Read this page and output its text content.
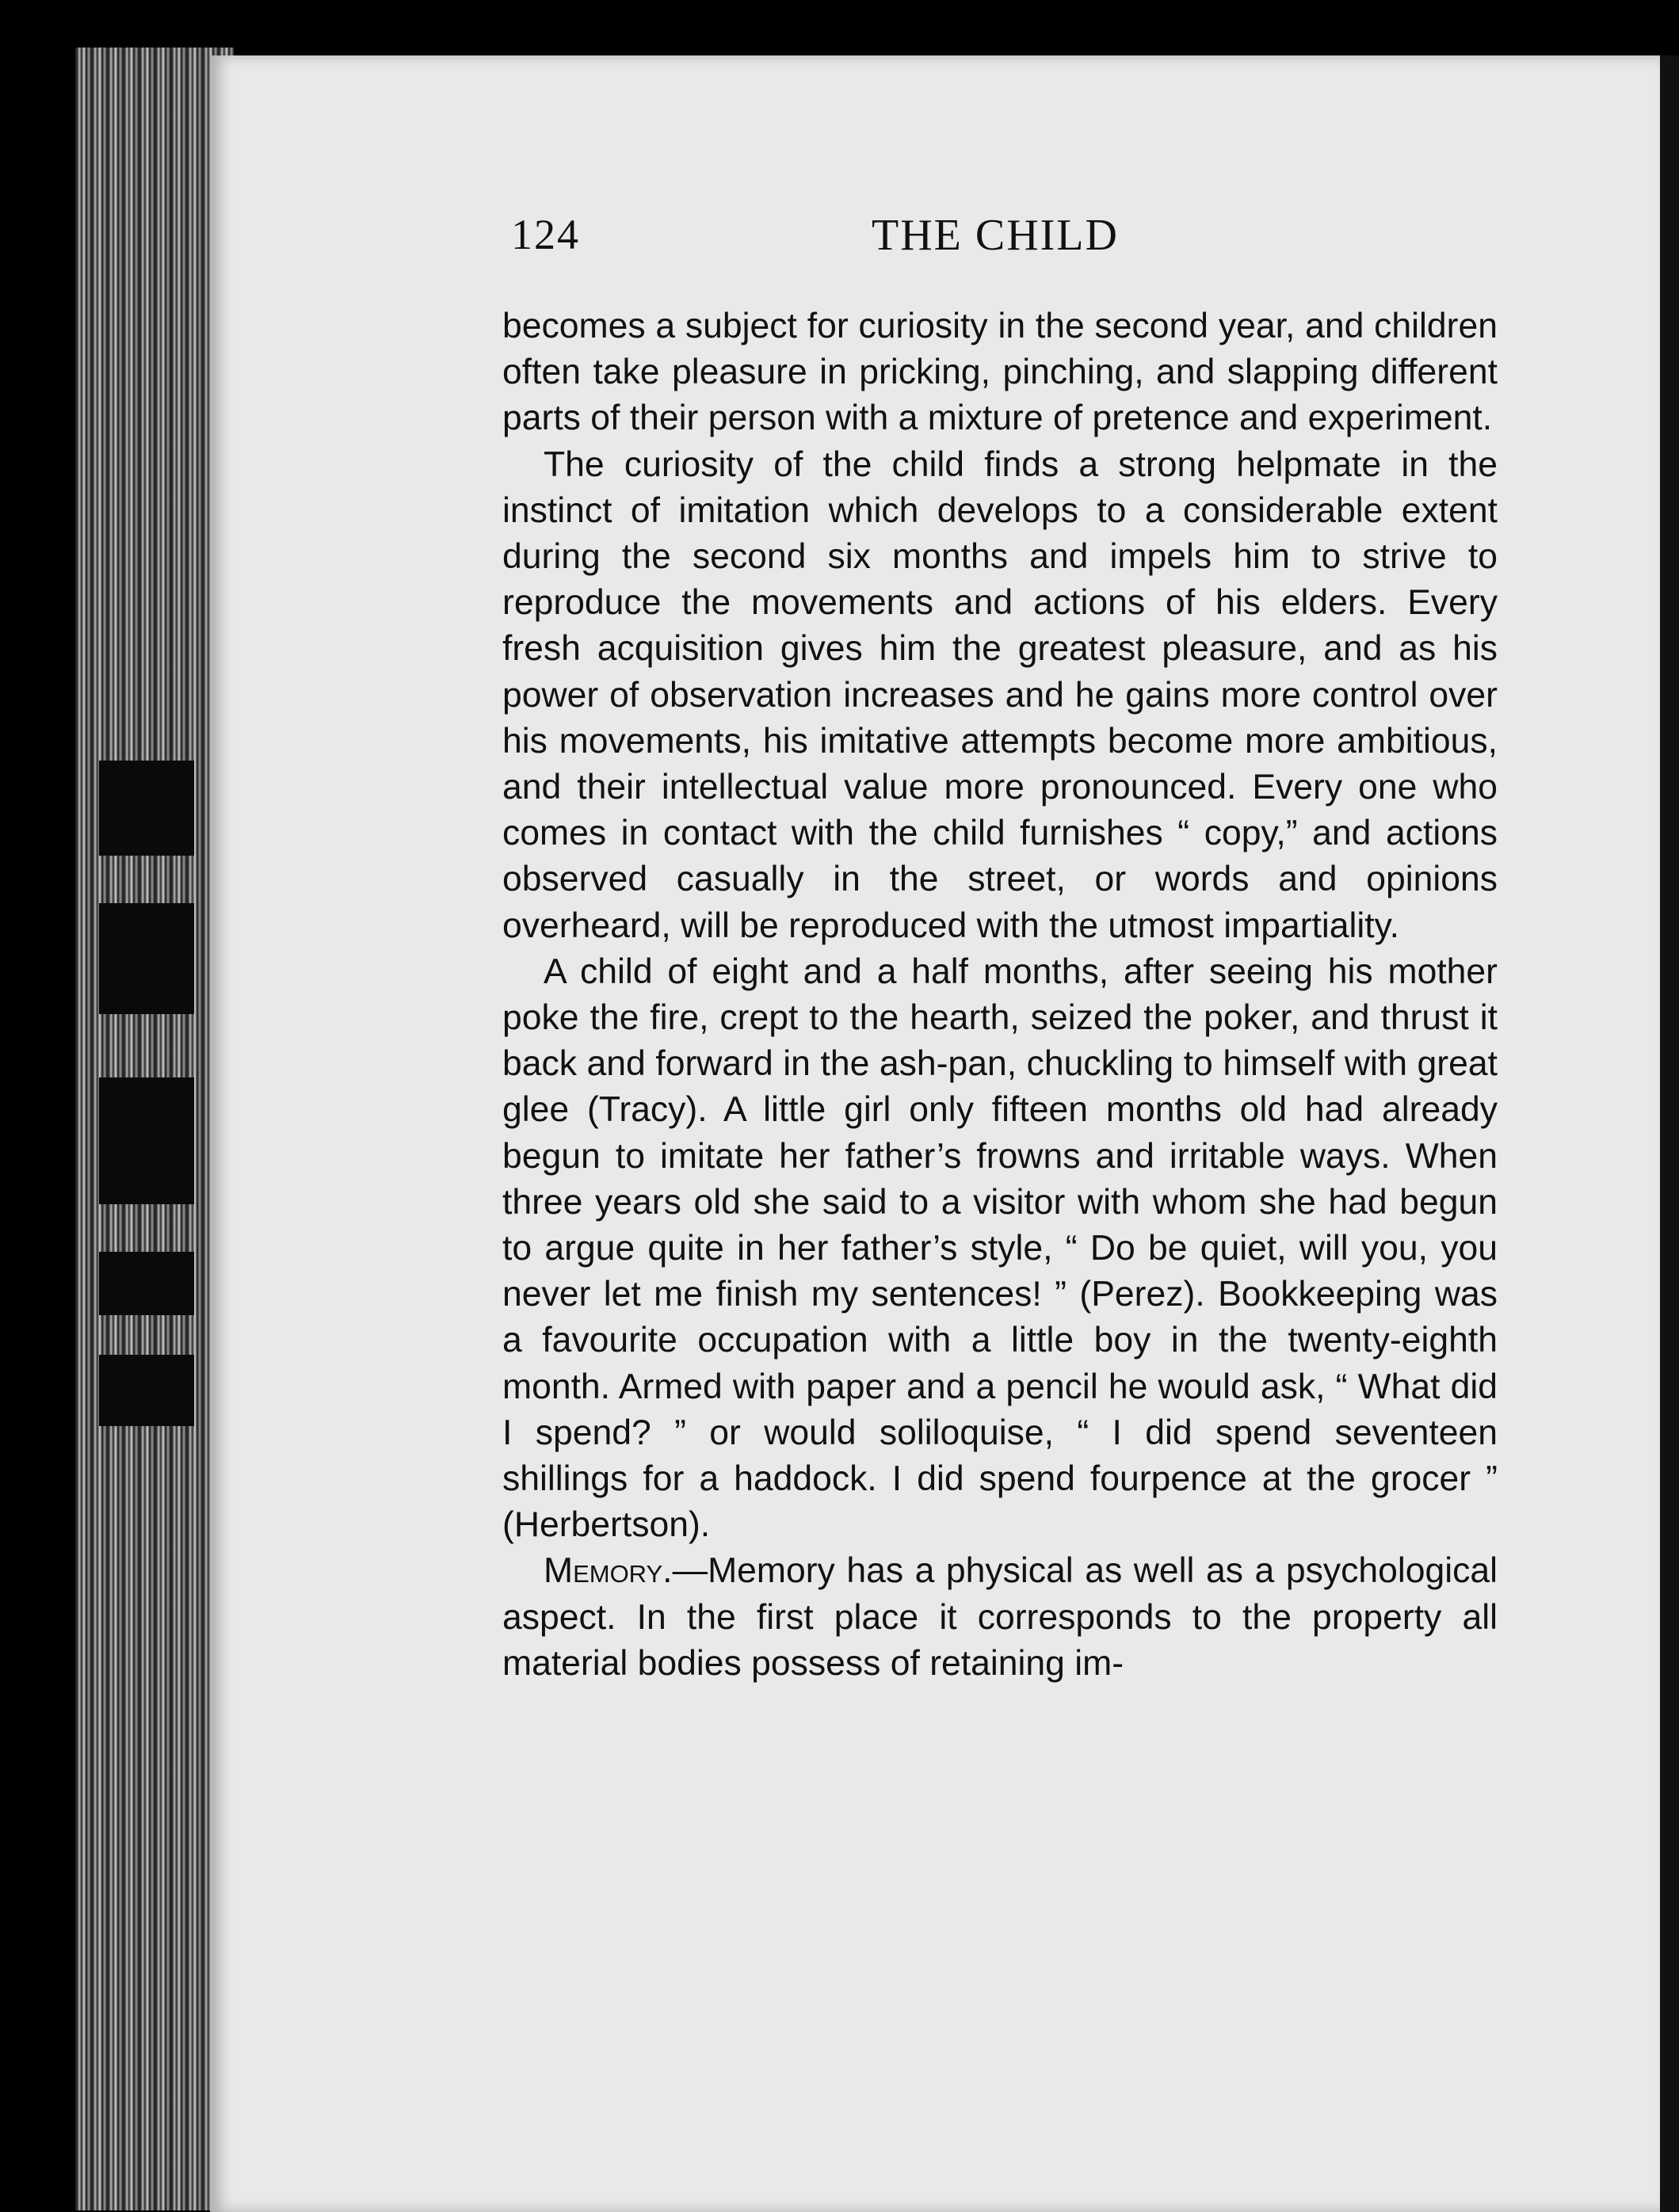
124	THE CHILD

becomes a subject for curiosity in the second year, and children often take pleasure in pricking, pinching, and slapping different parts of their person with a mixture of pretence and experiment.

The curiosity of the child finds a strong helpmate in the instinct of imitation which develops to a considerable extent during the second six months and impels him to strive to reproduce the movements and actions of his elders. Every fresh acquisition gives him the greatest pleasure, and as his power of observation increases and he gains more control over his movements, his imitative attempts become more ambitious, and their intellectual value more pronounced. Every one who comes in contact with the child furnishes “ copy,” and actions observed casually in the street, or words and opinions overheard, will be reproduced with the utmost impartiality.

A child of eight and a half months, after seeing his mother poke the fire, crept to the hearth, seized the poker, and thrust it back and forward in the ash-pan, chuckling to himself with great glee (Tracy). A little girl only fifteen months old had already begun to imitate her father’s frowns and irritable ways. When three years old she said to a visitor with whom she had begun to argue quite in her father’s style, “ Do be quiet, will you, you never let me finish my sentences! ” (Perez). Bookkeeping was a favourite occupation with a little boy in the twenty-eighth month. Armed with paper and a pencil he would ask, “ What did I spend? ” or would soliloquise, “ I did spend seventeen shillings for a haddock. I did spend fourpence at the grocer ” (Herbertson).

Memory.—Memory has a physical as well as a psychological aspect. In the first place it corresponds to the property all material bodies possess of retaining im-
